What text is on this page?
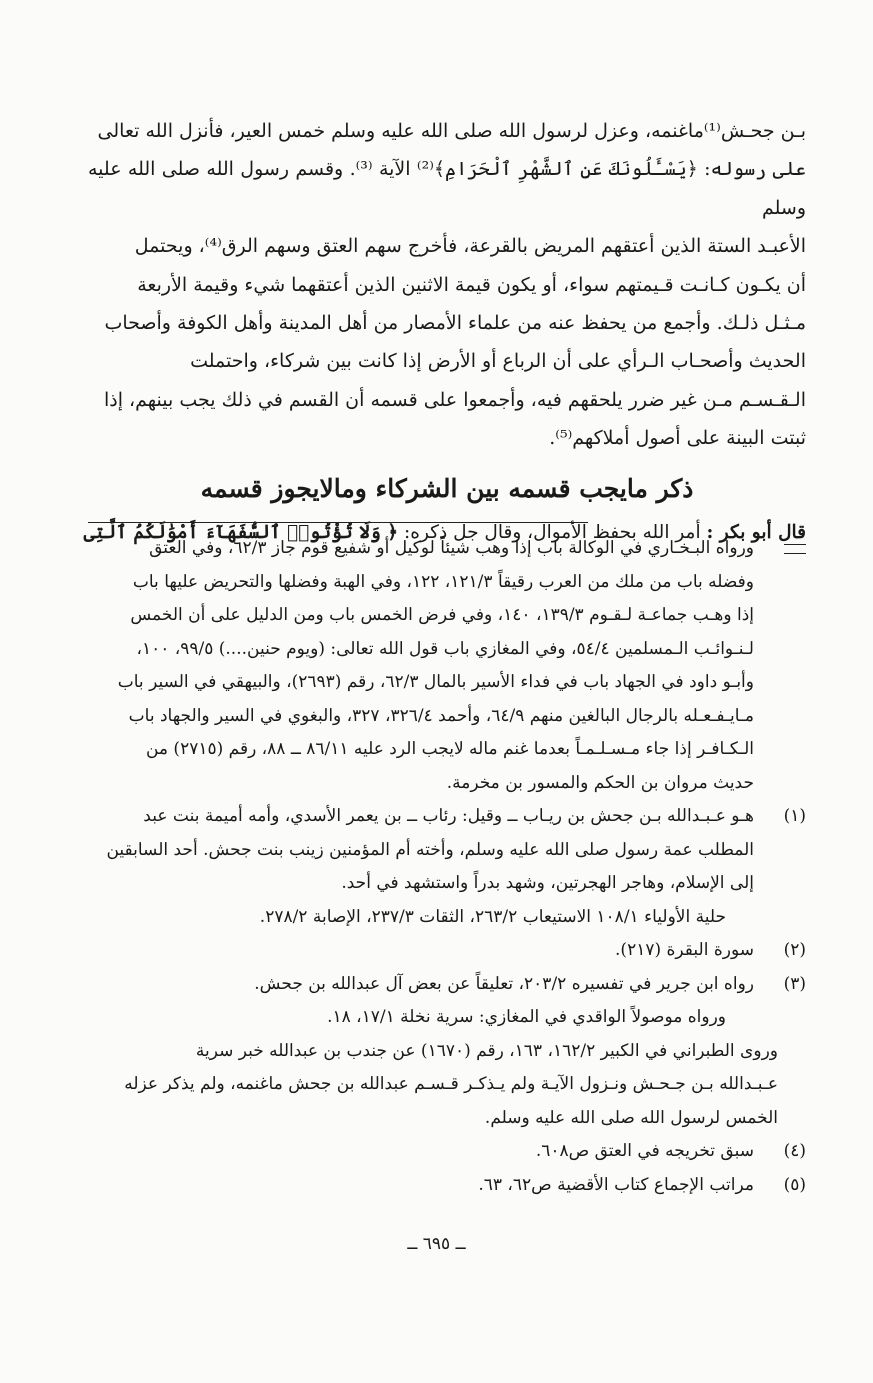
بـن جحـش⁽¹⁾ماغنمه، وعزل لرسول الله صلى الله عليه وسلم خمس العير، فأنزل الله تعالى

على رسوله: ﴿يَسْـَٔلُونَكَ عَنِ ٱلشَّهْرِ ٱلْحَرَامِ﴾⁽²⁾ الآية ⁽³⁾. وقسم رسول الله صلى الله عليه وسلم

الأعبـد الستة الذين أعتقهم المريض بالقرعة، فأخرج سهم العتق وسهم الرق⁽⁴⁾، ويحتمل

أن يكـون كـانـت قـيمتهم سواء، أو يكون قيمة الاثنين الذين أعتقهما شيء وقيمة الأربعة

مـثـل ذلـك. وأجمع من يحفظ عنه من علماء الأمصار من أهل المدينة وأهل الكوفة وأصحاب

الحديث وأصحـاب الـرأي على أن الرباع أو الأرض إذا كانت بين شركاء، واحتملت

الـقـسـم مـن غير ضرر يلحقهم فيه، وأجمعوا على قسمه أن القسم في ذلك يجب بينهم، إذا

ثبتت البينة على أصول أملاكهم⁽⁵⁾.

ذكر مايجب قسمه بين الشركاء ومالايجوز قسمه

قال أبو بكر : أمر الله بحفظ الأموال، وقال جل ذكره: ﴿ وَلَا تُؤْتُوا۟ ٱلسُّفَهَآءَ أَمْوَٰلَكُمُ ٱلَّتِى

ورواه البـخـاري في الوكالة باب إذا وهب شيئاً لوكيل أو شفيع قوم جاز ٦٢/٣، وفي العتق

وفضله باب من ملك من العرب رقيقاً ١٢١/٣، ١٢٢، وفي الهبة وفضلها والتحريض عليها باب

إذا وهـب جماعـة لـقـوم ١٣٩/٣، ١٤٠، وفي فرض الخمس باب ومن الدليل على أن الخمس

لـنـوائـب الـمسلمين ٥٤/٤، وفي المغازي باب قول الله تعالى: (ويوم حنين....) ٩٩/٥، ١٠٠،

وأبـو داود في الجهاد باب في فداء الأسير بالمال ٦٢/٣، رقم (٢٦٩٣)، والبيهقي في السير باب

مـايـفـعـله بالرجال البالغين منهم ٦٤/٩، وأحمد ٣٢٦/٤، ٣٢٧، والبغوي في السير والجهاد باب

الـكـافـر إذا جاء مـسـلـمـاً بعدما غنم ماله لايجب الرد عليه ٨٦/١١ ــ ٨٨، رقم (٢٧١٥) من

حديث مروان بن الحكم والمسور بن مخرمة.

(١)

هـو عـبـدالله بـن جحش بن ريـاب ــ وقيل: رئاب ــ بن يعمر الأسدي، وأمه أميمة بنت عبد

المطلب عمة رسول صلى الله عليه وسلم، وأخته أم المؤمنين زينب بنت جحش. أحد السابقين

إلى الإسلام، وهاجر الهجرتين، وشهد بدراً واستشهد في أحد.

حلية الأولياء ١٠٨/١ الاستيعاب ٢٦٣/٢، الثقات ٢٣٧/٣، الإصابة ٢٧٨/٢.

(٢)

سورة البقرة (٢١٧).

(٣)

رواه ابن جرير في تفسيره ٢٠٣/٢، تعليقاً عن بعض آل عبدالله بن جحش.

ورواه موصولاً الواقدي في المغازي: سرية نخلة ١٧/١، ١٨.

وروى الطبراني في الكبير ١٦٢/٢، ١٦٣، رقم (١٦٧٠) عن جندب بن عبدالله خبر سرية

عـبـدالله بـن جـحـش ونـزول الآيـة ولم يـذكـر قـسـم عبدالله بن جحش ماغنمه، ولم يذكر عزله

الخمس لرسول الله صلى الله عليه وسلم.

(٤)

سبق تخريجه في العتق ص٦٠٨.

(٥)

مراتب الإجماع كتاب الأقضية ص٦٢، ٦٣.

ــ ٦٩٥ ــ
